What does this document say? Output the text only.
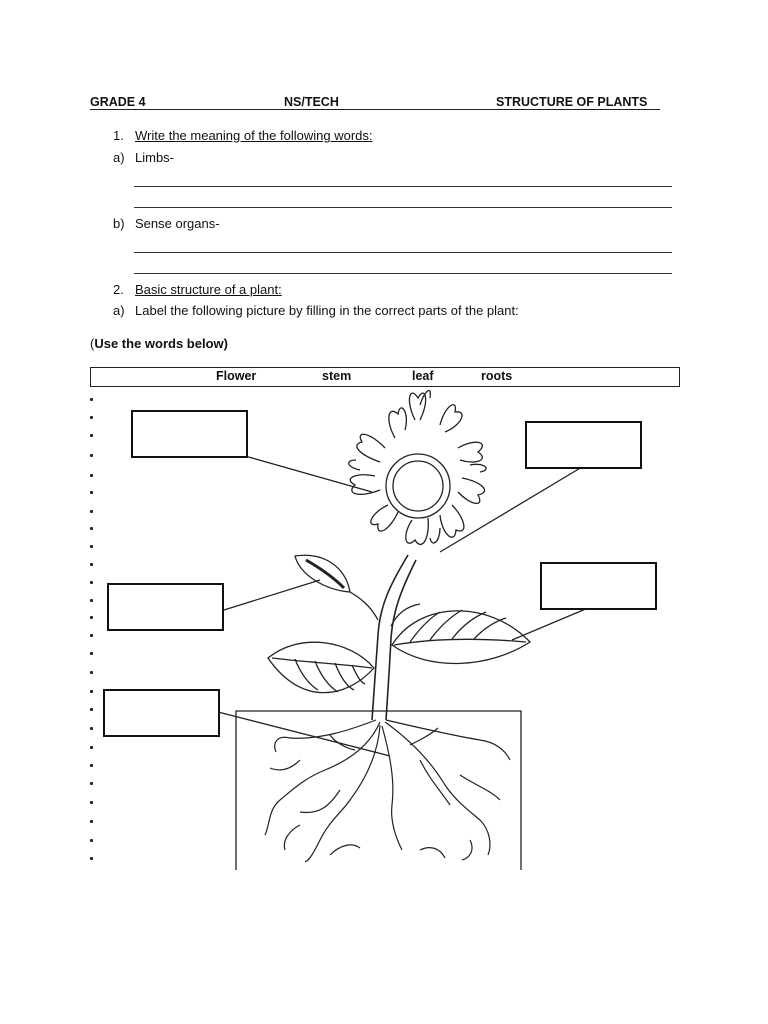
GRADE 4	NS/TECH	STRUCTURE OF PLANTS
1. Write the meaning of the following words:
a) Limbs-
b) Sense organs-
2. Basic structure of a plant:
a) Label the following picture by filling in the correct parts of the plant:
(Use the words below)
Flower	stem	leaf	roots
